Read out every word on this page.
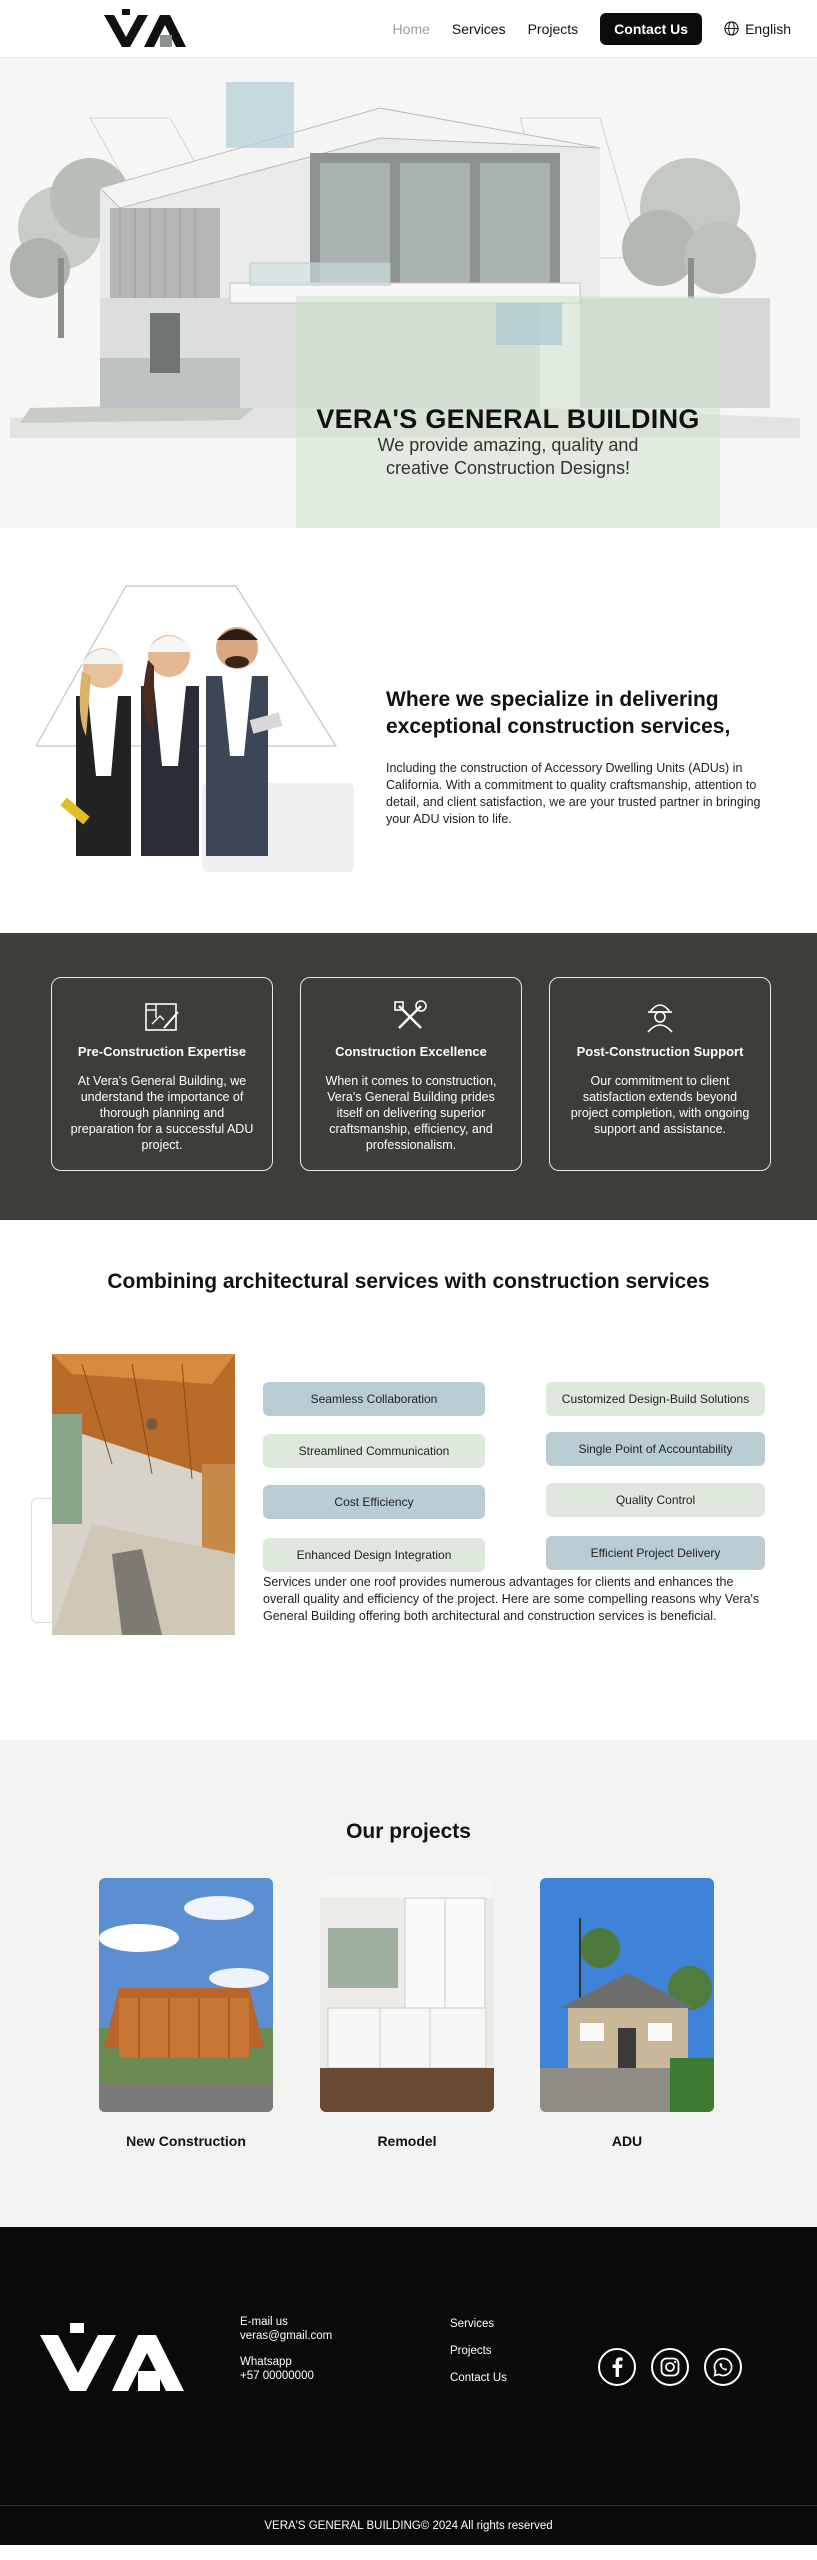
Home Services Projects	Contact Us	English
VERA'S GENERAL BUILDING

We provide amazing, quality and
creative Construction Designs!

Where we specialize in delivering exceptional construction services,

Including the construction of Accessory Dwelling Units (ADUs) in California. With a commitment to quality craftsmanship, attention to detail, and client satisfaction, we are your trusted partner in bringing your ADU vision to life.

Pre-Construction Expertise

At Vera's General Building, we understand the importance of thorough planning and preparation for a successful ADU project.

Construction Excellence

When it comes to construction, Vera's General Building prides itself on delivering superior craftsmanship, efficiency, and professionalism.

Post-Construction Support

Our commitment to client satisfaction extends beyond project completion, with ongoing support and assistance.

Combining architectural services with construction services
Seamless Collaboration	Customized Design-Build Solutions
Streamlined Communication	Single Point of Accountability
Cost Efficiency	Quality Control
Enhanced Design Integration	Efficient Project Delivery

Services under one roof provides numerous advantages for clients and enhances the overall quality and efficiency of the project. Here are some compelling reasons why Vera's General Building offering both architectural and construction services is beneficial.

Our projects
New Construction	Remodel	ADU
E-mail us
veras@gmail.com
Whatsapp
+57 00000000
Services
Projects
Contact Us
VERA'S GENERAL BUILDING© 2024 All rights reserved
